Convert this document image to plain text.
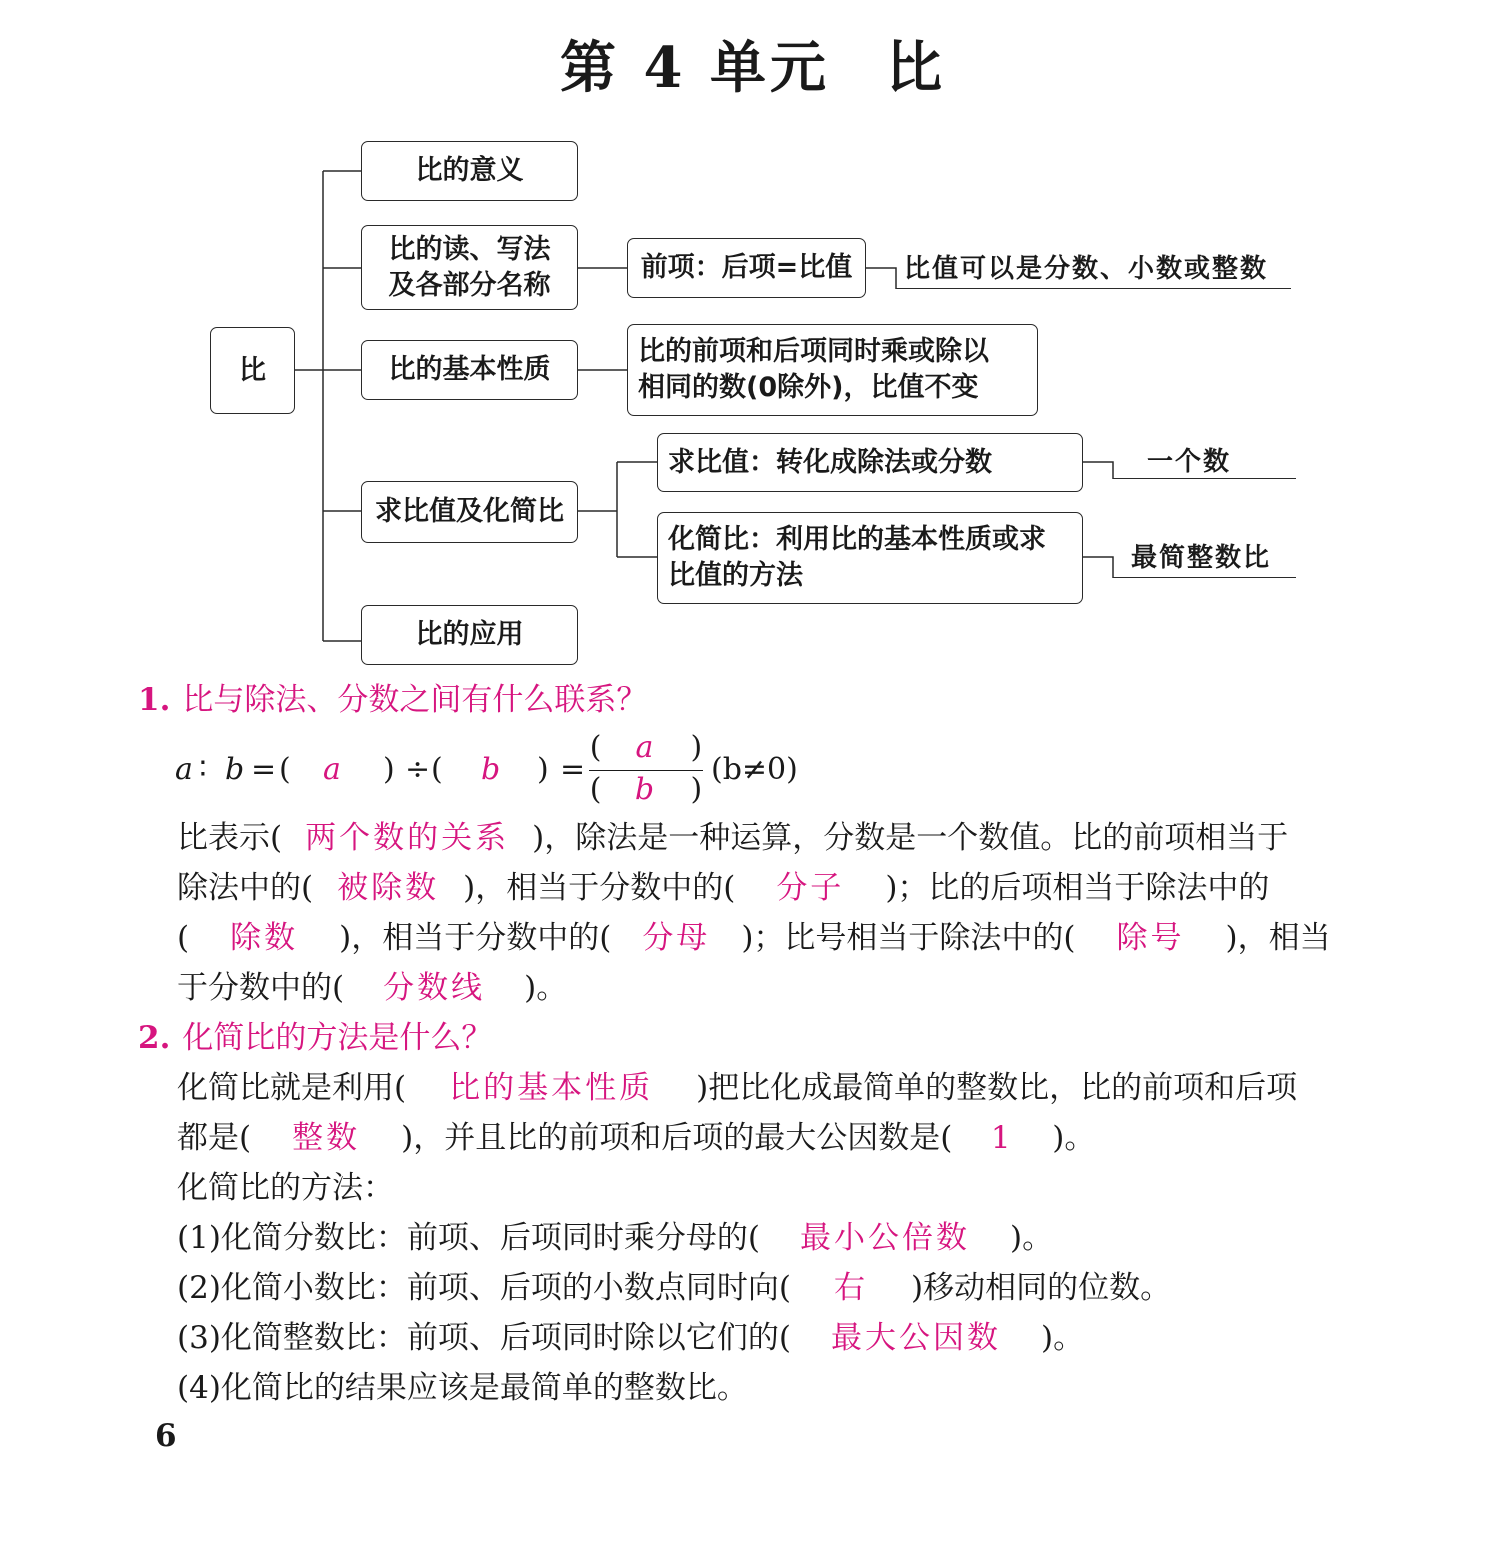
第 4 单元 比
比
比的意义
比的读、写法
及各部分名称
前项：后项=比值	比值可以是分数、小数或整数
比的基本性质
比的前项和后项同时乘或除以
相同的数(0除外)，比值不变
求比值及化简比
求比值：转化成除法或分数	一个数
化简比：利用比的基本性质或求
比值的方法
最简整数比
比的应用
1. 比与除法、分数之间有什么联系？
a ∶ b = ( a ) ÷ ( b ) =
( a )
( b )
(b≠0)
比表示( 两个数的关系 )，除法是一种运算，分数是一个数值。比的前项相当于
除法中的( 被除数 )，相当于分数中的( 分子 )；比的后项相当于除法中的
( 除数 )，相当于分数中的( 分母 )；比号相当于除法中的( 除号 )，相当
于分数中的( 分数线 )。
2. 化简比的方法是什么？
化简比就是利用( 比的基本性质 )把比化成最简单的整数比，比的前项和后项
都是( 整数 )，并且比的前项和后项的最大公因数是( 1 )。
化简比的方法：
(1)化简分数比：前项、后项同时乘分母的( 最小公倍数 )。
(2)化简小数比：前项、后项的小数点同时向( 右 )移动相同的位数。
(3)化简整数比：前项、后项同时除以它们的( 最大公因数 )。
(4)化简比的结果应该是最简单的整数比。
6
